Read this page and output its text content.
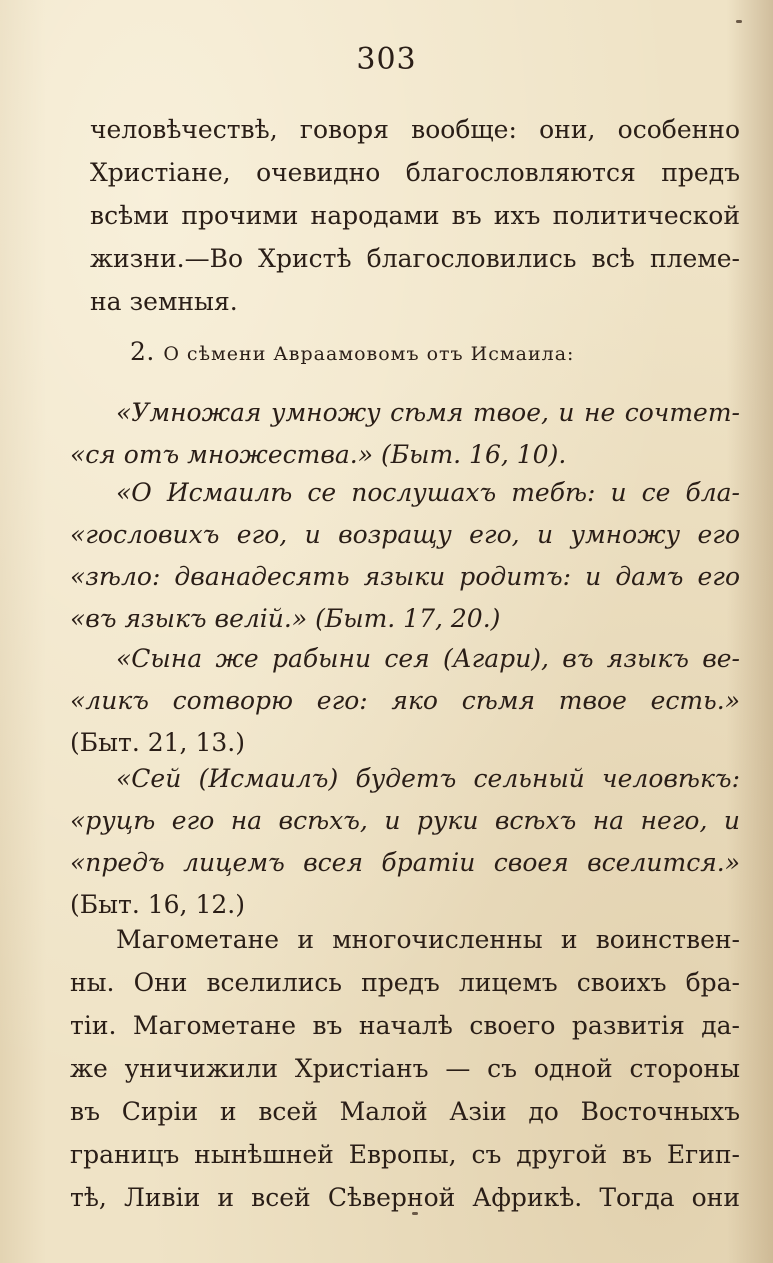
303
человѣчествѣ, говоря вообще: они, особенно
Христіане, очевидно благословляются предъ
всѣми прочими народами въ ихъ политической
жизни.—Во Христѣ благословились всѣ племе-
на земныя.
2. О сѣмени Авраамовомъ отъ Исмаила:
«Умножая умножу сѣмя твое, и не сочтет-
«ся отъ множества.» (Быт. 16, 10).
«О Исмаилѣ се послушахъ тебѣ: и се бла-
«гословихъ его, и возращу его, и умножу его
«зѣло: дванадесять языки родитъ: и дамъ его
«въ языкъ велій.» (Быт. 17, 20.)
«Сына же рабыни сея (Агари), въ языкъ ве-
«ликъ сотворю его: яко сѣмя твое есть.»
(Быт. 21, 13.)
«Сей (Исмаилъ) будетъ сельный человѣкъ:
«руцѣ его на всѣхъ, и руки всѣхъ на него, и
«предъ лицемъ всея братіи своея вселится.»
(Быт. 16, 12.)
Магометане и многочисленны и воинствен-
ны. Они вселились предъ лицемъ своихъ бра-
тіи. Магометане въ началѣ своего развитія да-
же уничижили Христіанъ — съ одной стороны
въ Сиріи и всей Малой Азіи до Восточныхъ
границъ нынѣшней Европы, съ другой въ Егип-
тѣ, Ливіи и всей Сѣверной Африкѣ. Тогда они
